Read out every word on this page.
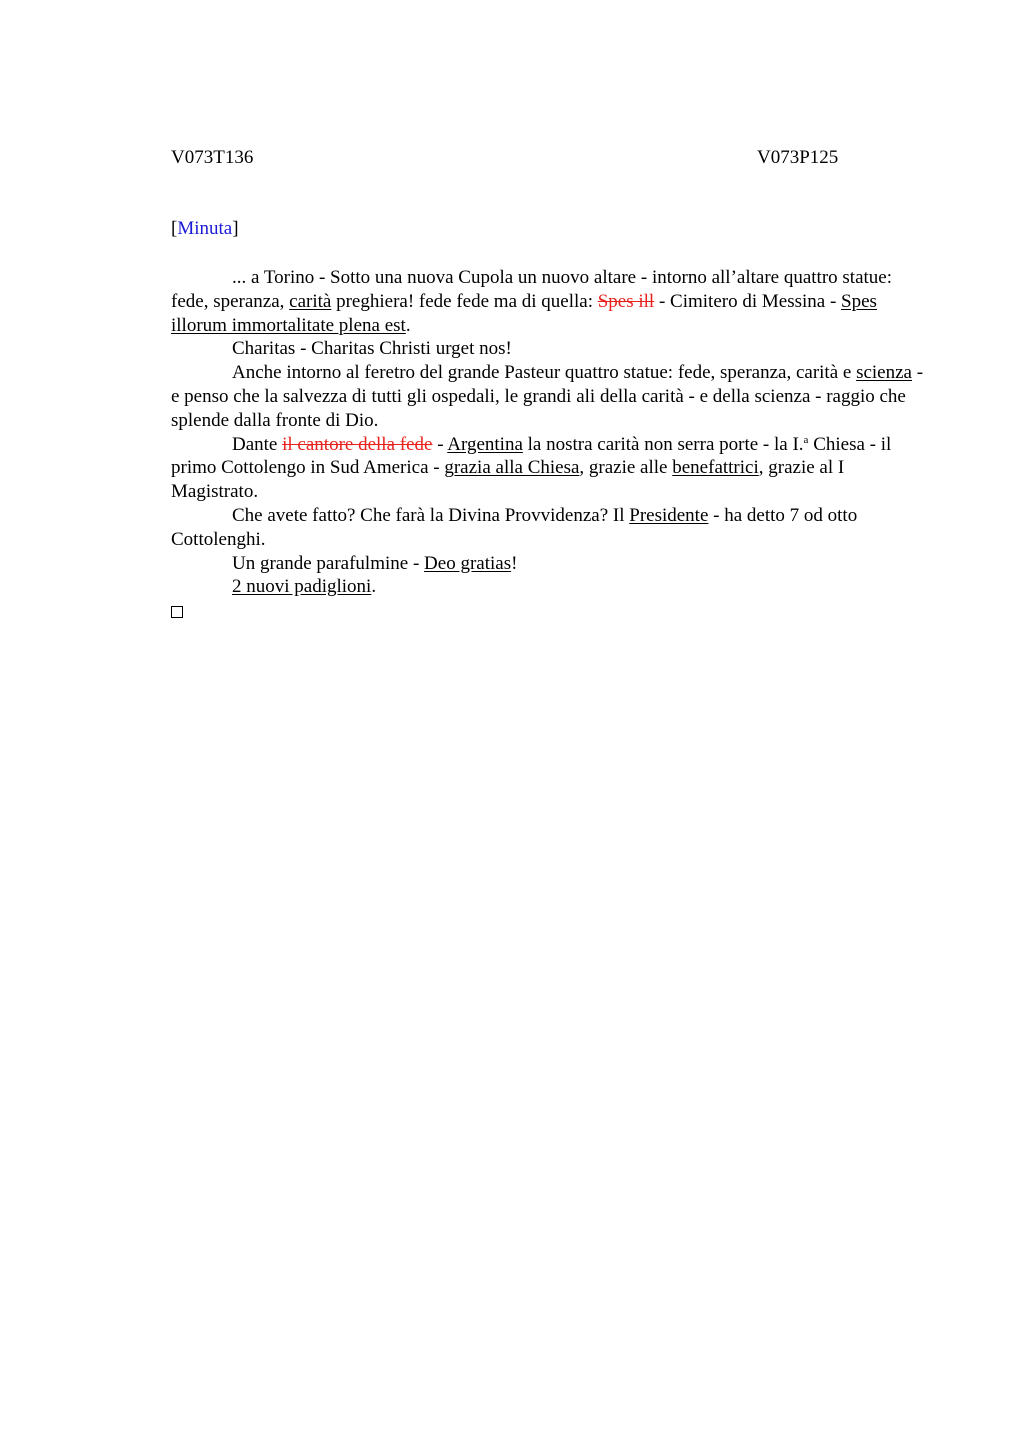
V073T136	V073P125
[Minuta]

... a Torino - Sotto una nuova Cupola un nuovo altare - intorno all’altare quattro statue: fede, speranza, carità preghiera! fede fede ma di quella: Spes ill - Cimitero di Messina - Spes illorum immortalitate plena est.

Charitas - Charitas Christi urget nos!

Anche intorno al feretro del grande Pasteur quattro statue: fede, speranza, carità e scienza - e penso che la salvezza di tutti gli ospedali, le grandi ali della carità - e della scienza - raggio che splende dalla fronte di Dio.

Dante il cantore della fede - Argentina la nostra carità non serra porte - la I.$^a$ Chiesa - il primo Cottolengo in Sud America - grazia alla Chiesa, grazie alle benefattrici, grazie al I Magistrato.

Che avete fatto? Che farà la Divina Provvidenza? Il Presidente - ha detto 7 od otto Cottolenghi.

Un grande parafulmine - Deo gratias!

2 nuovi padiglioni.
